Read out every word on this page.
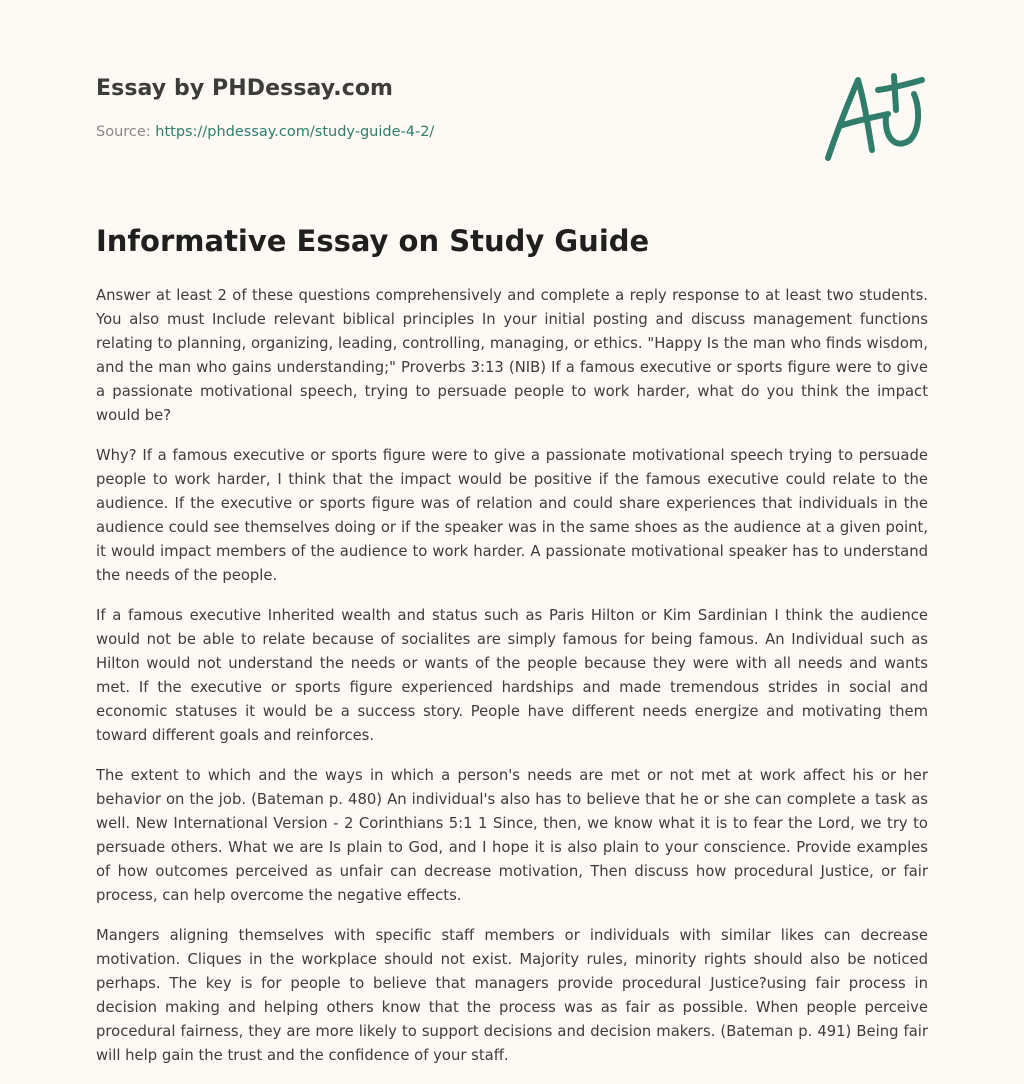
Essay by PHDessay.com
Source: https://phdessay.com/study-guide-4-2/
Informative Essay on Study Guide

Answer at least 2 of these questions comprehensively and complete a reply response to at least two students. You also must Include relevant biblical principles In your initial posting and discuss management functions relating to planning, organizing, leading, controlling, managing, or ethics. "Happy Is the man who finds wisdom, and the man who gains understanding;" Proverbs 3:13 (NIB) If a famous executive or sports figure were to give a passionate motivational speech, trying to persuade people to work harder, what do you think the impact would be?

Why? If a famous executive or sports figure were to give a passionate motivational speech trying to persuade people to work harder, I think that the impact would be positive if the famous executive could relate to the audience. If the executive or sports figure was of relation and could share experiences that individuals in the audience could see themselves doing or if the speaker was in the same shoes as the audience at a given point, it would impact members of the audience to work harder. A passionate motivational speaker has to understand the needs of the people.

If a famous executive Inherited wealth and status such as Paris Hilton or Kim Sardinian I think the audience would not be able to relate because of socialites are simply famous for being famous. An Individual such as Hilton would not understand the needs or wants of the people because they were with all needs and wants met. If the executive or sports figure experienced hardships and made tremendous strides in social and economic statuses it would be a success story. People have different needs energize and motivating them toward different goals and reinforces.

The extent to which and the ways in which a person's needs are met or not met at work affect his or her behavior on the job. (Bateman p. 480) An individual's also has to believe that he or she can complete a task as well. New International Version - 2 Corinthians 5:1 1 Since, then, we know what it is to fear the Lord, we try to persuade others. What we are Is plain to God, and I hope it is also plain to your conscience. Provide examples of how outcomes perceived as unfair can decrease motivation, Then discuss how procedural Justice, or fair process, can help overcome the negative effects.

Mangers aligning themselves with specific staff members or individuals with similar likes can decrease motivation. Cliques in the workplace should not exist. Majority rules, minority rights should also be noticed perhaps. The key is for people to believe that managers provide procedural Justice?using fair process in decision making and helping others know that the process was as fair as possible. When people perceive procedural fairness, they are more likely to support decisions and decision makers. (Bateman p. 491) Being fair will help gain the trust and the confidence of your staff.
